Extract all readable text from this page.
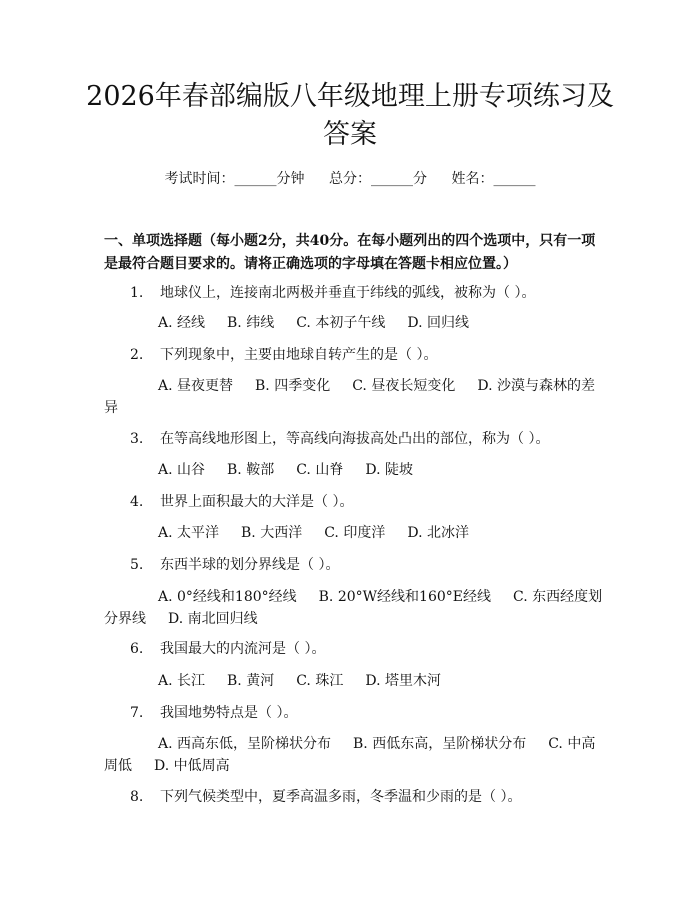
2026年春部编版八年级地理上册专项练习及答案
考试时间：______分钟 总分：______分 姓名：______
一、单项选择题（每小题2分，共40分。在每小题列出的四个选项中，只有一项是最符合题目要求的。请将正确选项的字母填在答题卡相应位置。）
1. 地球仪上，连接南北两极并垂直于纬线的弧线，被称为（ ）。
A. 经线 B. 纬线 C. 本初子午线 D. 回归线
2. 下列现象中，主要由地球自转产生的是（ ）。
A. 昼夜更替 B. 四季变化 C. 昼夜长短变化 D. 沙漠与森林的差异
3. 在等高线地形图上，等高线向海拔高处凸出的部位，称为（ ）。
A. 山谷 B. 鞍部 C. 山脊 D. 陡坡
4. 世界上面积最大的大洋是（ ）。
A. 太平洋 B. 大西洋 C. 印度洋 D. 北冰洋
5. 东西半球的划分界线是（ ）。
A. 0°经线和180°经线 B. 20°W经线和160°E经线 C. 东西经度划分界线 D. 南北回归线
6. 我国最大的内流河是（ ）。
A. 长江 B. 黄河 C. 珠江 D. 塔里木河
7. 我国地势特点是（ ）。
A. 西高东低，呈阶梯状分布 B. 西低东高，呈阶梯状分布 C. 中高周低 D. 中低周高
8. 下列气候类型中，夏季高温多雨，冬季温和少雨的是（ ）。
